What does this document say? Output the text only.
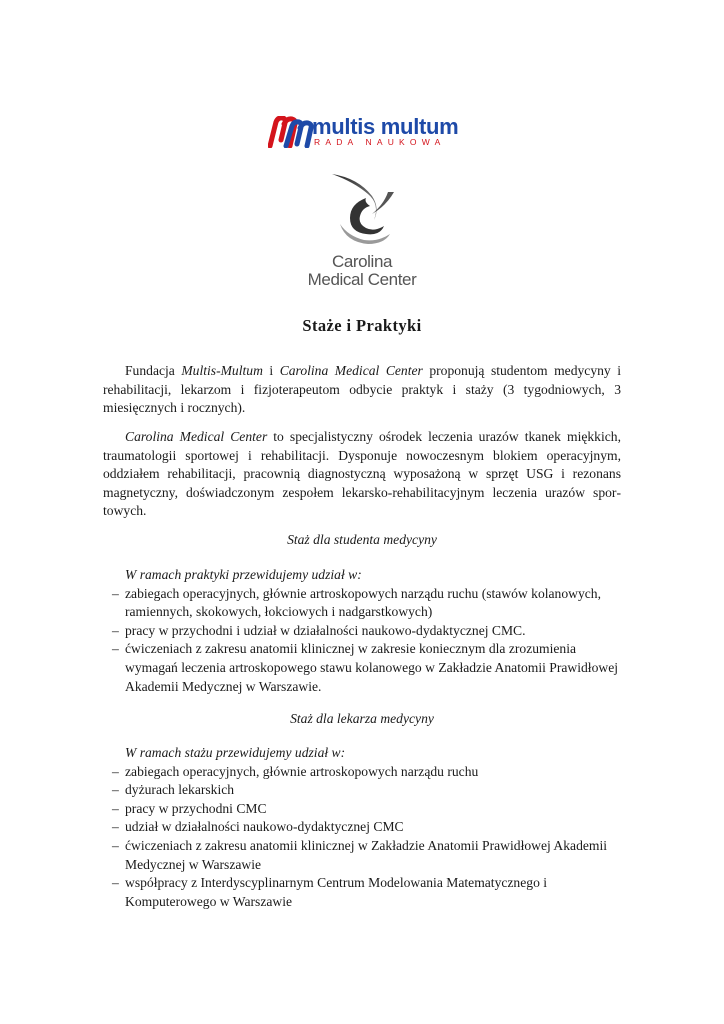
multis multum
RADA NAUKOWA
Carolina
Medical Center
Staże i Praktyki

Fundacja Multis-Multum i Carolina Medical Center proponują studentom medycyny i rehabilitacji, lekarzom i fizjoterapeutom odbycie praktyk i staży (3 tygodniowych, 3 miesięcznych i rocznych).

Carolina Medical Center to specjalistyczny ośrodek leczenia urazów tkanek miękkich, traumatologii sportowej i rehabilitacji. Dysponuje nowoczesnym blokiem operacyjnym, oddziałem rehabilitacji, pracownią diagnostyczną wyposażoną w sprzęt USG i rezonans magnetyczny, doświadczonym zespołem lekarsko-rehabilitacyjnym leczenia urazów sportowych.

Staż dla studenta medycyny

W ramach praktyki przewidujemy udział w:

– zabiegach operacyjnych, głównie artroskopowych narządu ruchu (stawów kolanowych, ramiennych, skokowych, łokciowych i nadgarstkowych)
– pracy w przychodni i udział w działalności naukowo-dydaktycznej CMC.
– ćwiczeniach z zakresu anatomii klinicznej w zakresie koniecznym dla zrozumienia wymagań leczenia artroskopowego stawu kolanowego w Zakładzie Anatomii Prawidłowej Akademii Medycznej w Warszawie.

Staż dla lekarza medycyny

W ramach stażu przewidujemy udział w:

– zabiegach operacyjnych, głównie artroskopowych narządu ruchu
– dyżurach lekarskich
– pracy w przychodni CMC
– udział w działalności naukowo-dydaktycznej CMC
– ćwiczeniach z zakresu anatomii klinicznej w Zakładzie Anatomii Prawidłowej Akademii Medycznej w Warszawie
– współpracy z Interdyscyplinarnym Centrum Modelowania Matematycznego i Komputerowego w Warszawie
